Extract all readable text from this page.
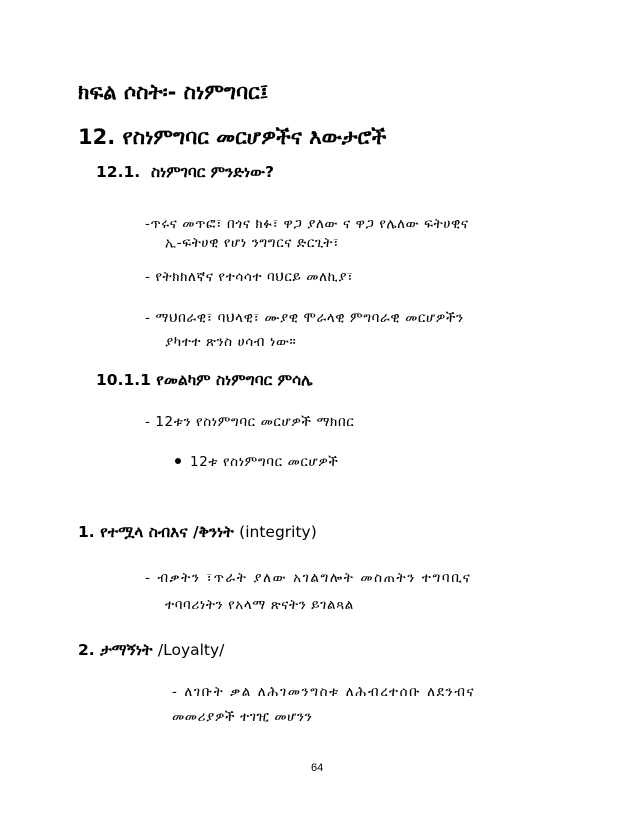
ክፍል ሶስት፡- ስነምግባር፤
12. የስነምግባር መርሆዎችና እውታሮች
12.1. ስነምገባር ምንድነው?
-ጥሩና መጥፎ፣ በጎና ክፉ፣ ዋጋ ያለው ና ዋጋ የሌለው ፍትሀዊና
ኢ-ፍትሀዊ የሆነ ንግግርና ድርጊት፣
- የትክክለኛና የተሳሳተ ባህርይ መለኪያ፣
- ማህበራዊ፣ ባህላዊ፣ ሙያዊ ሞራላዊ ምግባራዊ መርሆዎችን
ያካተተ ጽንስ ሀሳብ ነው።
10.1.1 የመልካም ስነምግባር ምሳሌ
- 12ቱን የስነምግባር መርሆዎች ማክበር
12ቱ የስነምግባር መርሆዎች
1. የተሟላ ስብእና /ቅንነት (integrity)
- ብቃትን ፣ጥራት ያለው አገልግሎት መስጠትን ተግባቢና
ተባባሪነትን የአላማ ጽናትን ይገልጻል
2. ታማኝነት /Loyalty/
- ለገቡት ቃል ለሕገመንግስቱ ለሕብረተሰቡ ለደንብና
መመሪያዎች ተገዢ መሆንን
64
